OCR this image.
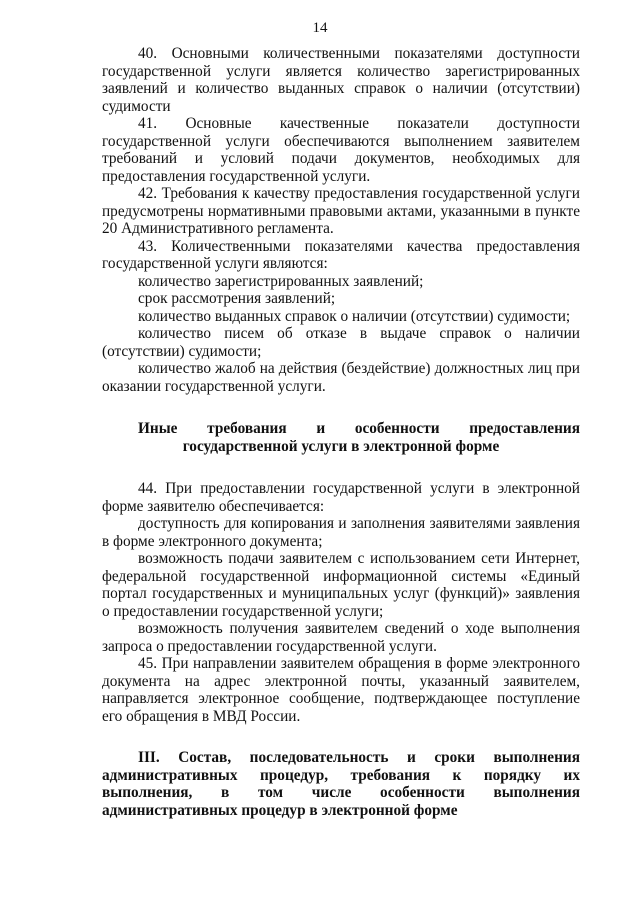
14

40. Основными количественными показателями доступности государственной услуги является количество зарегистрированных заявлений и количество выданных справок о наличии (отсутствии) судимости

41. Основные качественные показатели доступности государственной услуги обеспечиваются выполнением заявителем требований и условий подачи документов, необходимых для предоставления государственной услуги.

42. Требования к качеству предоставления государственной услуги предусмотрены нормативными правовыми актами, указанными в пункте 20 Административного регламента.

43. Количественными показателями качества предоставления государственной услуги являются:

количество зарегистрированных заявлений;

срок рассмотрения заявлений;

количество выданных справок о наличии (отсутствии) судимости;

количество писем об отказе в выдаче справок о наличии (отсутствии) судимости;

количество жалоб на действия (бездействие) должностных лиц при оказании государственной услуги.

Иные требования и особенности предоставления государственной услуги в электронной форме

44. При предоставлении государственной услуги в электронной форме заявителю обеспечивается:

доступность для копирования и заполнения заявителями заявления в форме электронного документа;

возможность подачи заявителем с использованием сети Интернет, федеральной государственной информационной системы «Единый портал государственных и муниципальных услуг (функций)» заявления о предоставлении государственной услуги;

возможность получения заявителем сведений о ходе выполнения запроса о предоставлении государственной услуги.

45. При направлении заявителем обращения в форме электронного документа на адрес электронной почты, указанный заявителем, направляется электронное сообщение, подтверждающее поступление его обращения в МВД России.

III. Состав, последовательность и сроки выполнения административных процедур, требования к порядку их выполнения, в том числе особенности выполнения административных процедур в электронной форме
